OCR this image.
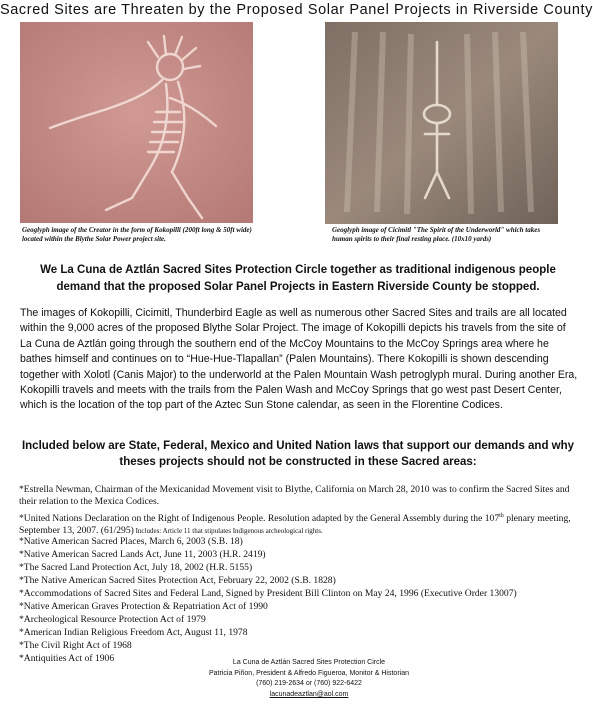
Sacred Sites are Threaten by the Proposed Solar Panel Projects in Riverside County
Geoglyph image of the Creator in the form of Kokopilli (200ft long & 50ft wide) located within the Blythe Solar Power project site.
Geoglyph image of Cicimitl "The Spirit of the Underworld" which takes human spirits to their final resting place. (10x10 yards)

We La Cuna de Aztlán Sacred Sites Protection Circle together as traditional indigenous people demand that the proposed Solar Panel Projects in Eastern Riverside County be stopped.

The images of Kokopilli, Cicimitl, Thunderbird Eagle as well as numerous other Sacred Sites and trails are all located within the 9,000 acres of the proposed Blythe Solar Project. The image of Kokopilli depicts his travels from the site of La Cuna de Aztlán going through the southern end of the McCoy Mountains to the McCoy Springs area where he bathes himself and continues on to “Hue-Hue-Tlapallan” (Palen Mountains). There Kokopilli is shown descending together with Xolotl (Canis Major) to the underworld at the Palen Mountain Wash petroglyph mural. During another Era, Kokopilli travels and meets with the trails from the Palen Wash and McCoy Springs that go west past Desert Center, which is the location of the top part of the Aztec Sun Stone calendar, as seen in the Florentine Codices.

Included below are State, Federal, Mexico and United Nation laws that support our demands and why theses projects should not be constructed in these Sacred areas:

*Estrella Newman, Chairman of the Mexicanidad Movement visit to Blythe, California on March 28, 2010 was to confirm the Sacred Sites and their relation to the Mexica Codices.
*United Nations Declaration on the Right of Indigenous People. Resolution adapted by the General Assembly during the 107th plenary meeting, September 13, 2007. (61/295) Includes: Article 11 that stipulates Indigenous archeological rights.
*Native American Sacred Places, March 6, 2003 (S.B. 18)
*Native American Sacred Lands Act, June 11, 2003 (H.R. 2419)
*The Sacred Land Protection Act, July 18, 2002 (H.R. 5155)
*The Native American Sacred Sites Protection Act, February 22, 2002 (S.B. 1828)
*Accommodations of Sacred Sites and Federal Land, Signed by President Bill Clinton on May 24, 1996 (Executive Order 13007)
*Native American Graves Protection & Repatriation Act of 1990
*Archeological Resource Protection Act of 1979
*American Indian Religious Freedom Act, August 11, 1978
*The Civil Right Act of 1968
*Antiquities Act of 1906	La Cuna de Aztlán Sacred Sites Protection Circle
Patricia Piñon, President & Alfredo Figueroa, Monitor & Historian
(760) 219-2634 or (760) 922-6422
lacunadeaztlan@aol.com
